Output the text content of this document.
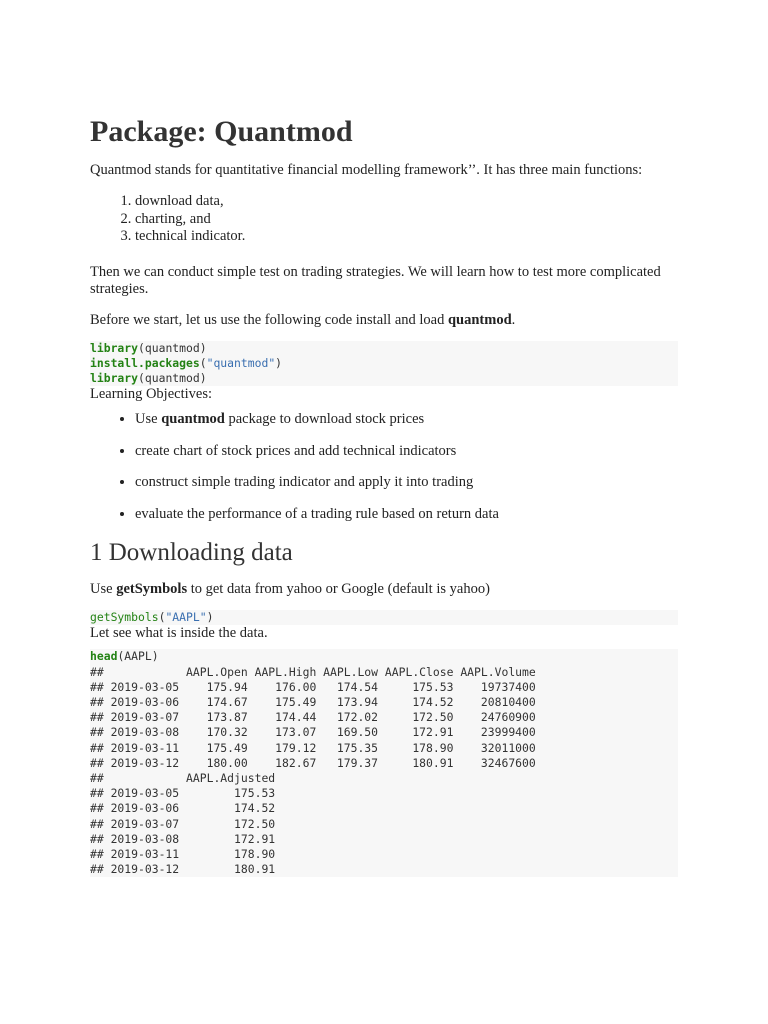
Package: Quantmod

Quantmod stands for quantitative financial modelling framework’’. It has three main functions:

1. download data,
2. charting, and
3. technical indicator.

Then we can conduct simple test on trading strategies. We will learn how to test more complicated strategies.

Before we start, let us use the following code install and load quantmod.

library(quantmod)
install.packages("quantmod")
library(quantmod)

Learning Objectives:

• Use quantmod package to download stock prices
• create chart of stock prices and add technical indicators
• construct simple trading indicator and apply it into trading
• evaluate the performance of a trading rule based on return data
1 Downloading data

Use getSymbols to get data from yahoo or Google (default is yahoo)

getSymbols("AAPL")

Let see what is inside the data.

head(AAPL)
##            AAPL.Open AAPL.High AAPL.Low AAPL.Close AAPL.Volume
## 2019-03-05    175.94    176.00   174.54     175.53    19737400
## 2019-03-06    174.67    175.49   173.94     174.52    20810400
## 2019-03-07    173.87    174.44   172.02     172.50    24760900
## 2019-03-08    170.32    173.07   169.50     172.91    23999400
## 2019-03-11    175.49    179.12   175.35     178.90    32011000
## 2019-03-12    180.00    182.67   179.37     180.91    32467600
##            AAPL.Adjusted
## 2019-03-05        175.53
## 2019-03-06        174.52
## 2019-03-07        172.50
## 2019-03-08        172.91
## 2019-03-11        178.90
## 2019-03-12        180.91
